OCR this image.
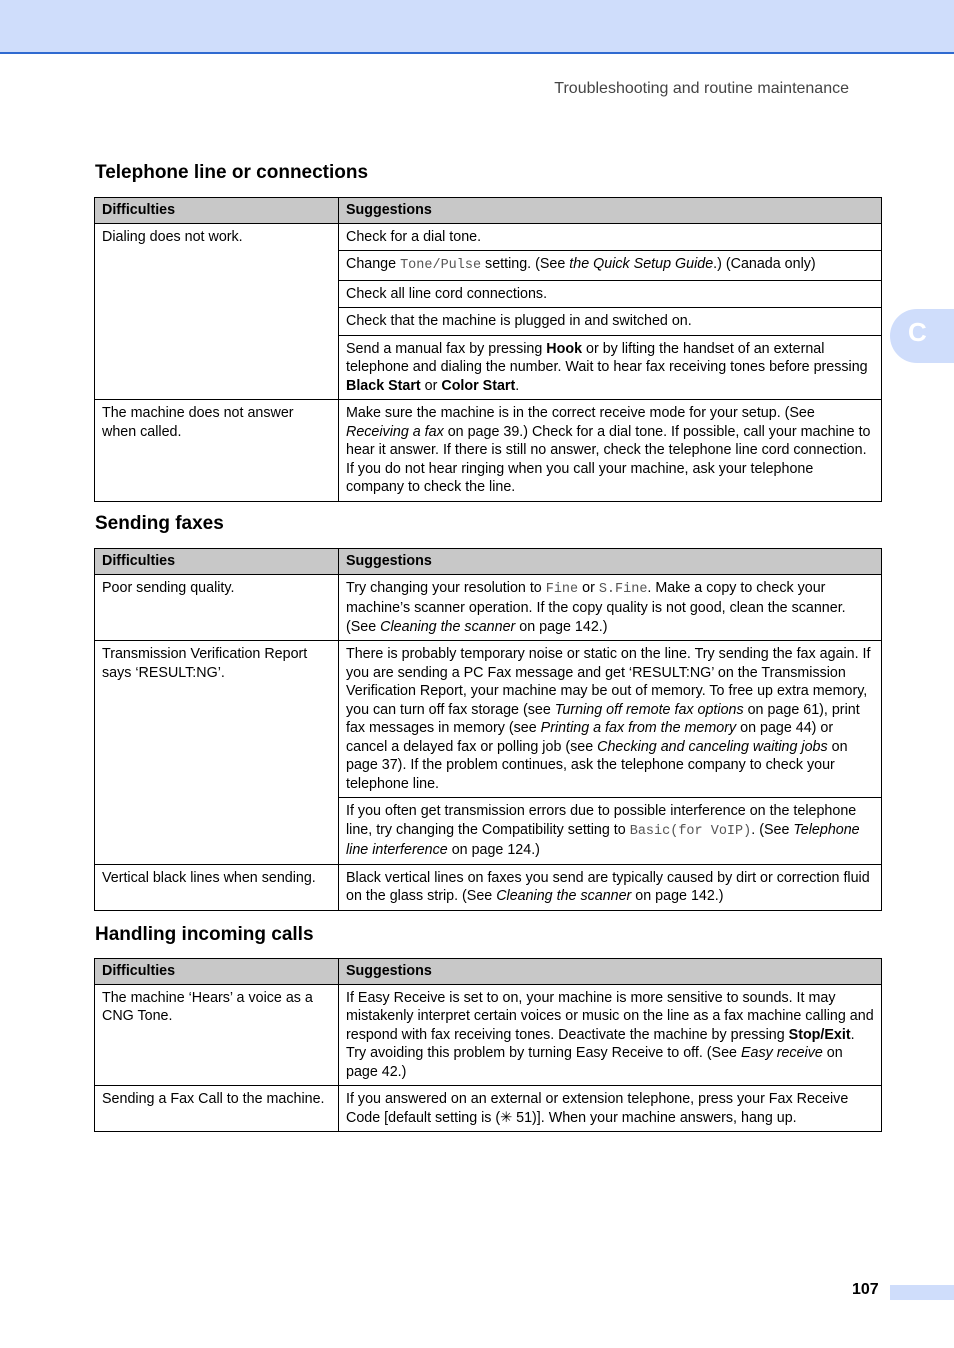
Troubleshooting and routine maintenance
C
Telephone line or connections
Difficulties	Suggestions
Dialing does not work.	Check for a dial tone.
	Change Tone/Pulse setting. (See the Quick Setup Guide.) (Canada only)
	Check all line cord connections.
	Check that the machine is plugged in and switched on.
	Send a manual fax by pressing Hook or by lifting the handset of an external telephone and dialing the number. Wait to hear fax receiving tones before pressing Black Start or Color Start.
The machine does not answer when called.	Make sure the machine is in the correct receive mode for your setup. (See Receiving a fax on page 39.) Check for a dial tone. If possible, call your machine to hear it answer. If there is still no answer, check the telephone line cord connection. If you do not hear ringing when you call your machine, ask your telephone company to check the line.
Sending faxes
Difficulties	Suggestions
Poor sending quality.	Try changing your resolution to Fine or S.Fine. Make a copy to check your machine’s scanner operation. If the copy quality is not good, clean the scanner. (See Cleaning the scanner on page 142.)
Transmission Verification Report says ‘RESULT:NG’.	There is probably temporary noise or static on the line. Try sending the fax again. If you are sending a PC Fax message and get ‘RESULT:NG’ on the Transmission Verification Report, your machine may be out of memory. To free up extra memory, you can turn off fax storage (see Turning off remote fax options on page 61), print fax messages in memory (see Printing a fax from the memory on page 44) or cancel a delayed fax or polling job (see Checking and canceling waiting jobs on page 37). If the problem continues, ask the telephone company to check your telephone line.
	If you often get transmission errors due to possible interference on the telephone line, try changing the Compatibility setting to Basic(for VoIP). (See Telephone line interference on page 124.)
Vertical black lines when sending.	Black vertical lines on faxes you send are typically caused by dirt or correction fluid on the glass strip. (See Cleaning the scanner on page 142.)
Handling incoming calls
Difficulties	Suggestions
The machine ‘Hears’ a voice as a CNG Tone.	If Easy Receive is set to on, your machine is more sensitive to sounds. It may mistakenly interpret certain voices or music on the line as a fax machine calling and respond with fax receiving tones. Deactivate the machine by pressing Stop/Exit. Try avoiding this problem by turning Easy Receive to off. (See Easy receive on page 42.)
Sending a Fax Call to the machine.	If you answered on an external or extension telephone, press your Fax Receive Code [default setting is (✳ 51)]. When your machine answers, hang up.
107
